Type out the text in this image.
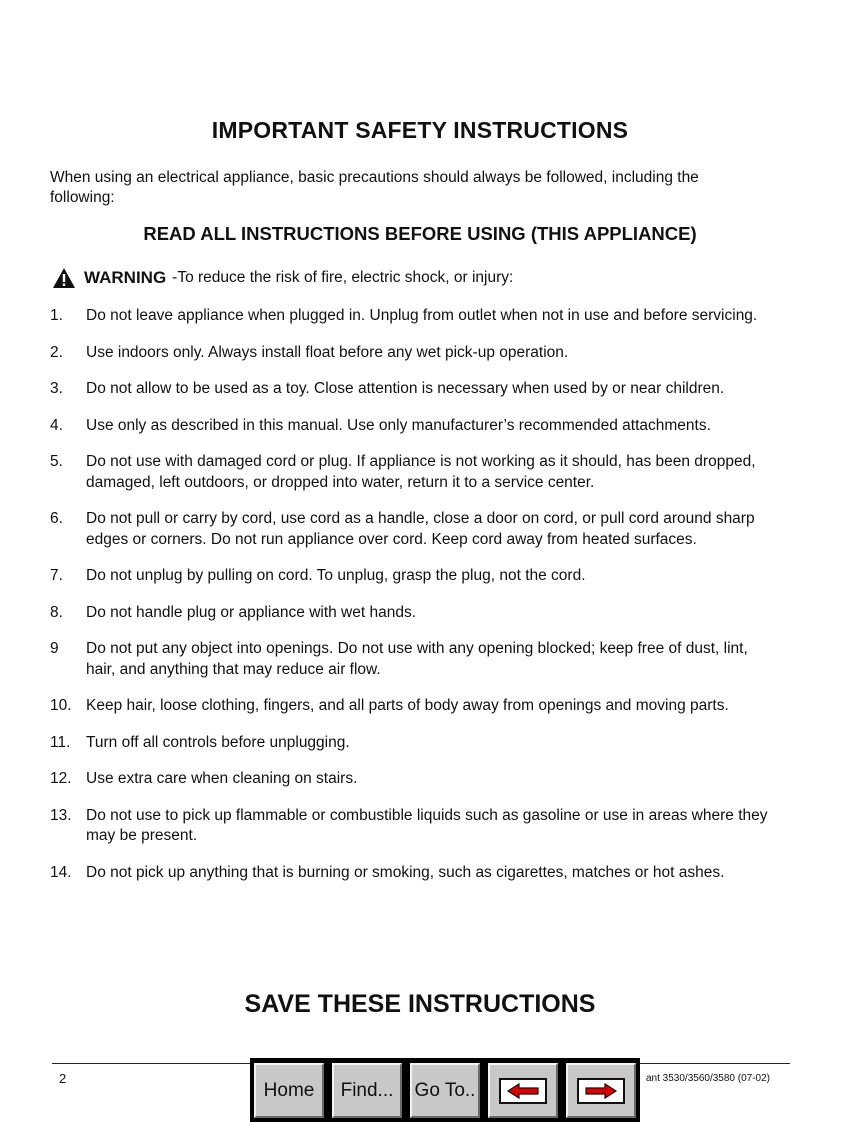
IMPORTANT SAFETY INSTRUCTIONS
When using an electrical appliance, basic precautions should always be followed, including the following:
READ ALL INSTRUCTIONS BEFORE USING (THIS APPLIANCE)
WARNING -To reduce the risk of fire, electric shock, or injury:
1.	Do not leave appliance when plugged in. Unplug from outlet when not in use and before servicing.
2.	Use indoors only. Always install float before any wet pick-up operation.
3.	Do not allow to be used as a toy. Close attention is necessary when used by or near children.
4.	Use only as described in this manual. Use only manufacturer’s recommended attachments.
5.	Do not use with damaged cord or plug. If appliance is not working as it should, has been dropped, damaged, left outdoors, or dropped into water, return it to a service center.
6.	Do not pull or carry by cord, use cord as a handle, close a door on cord, or pull cord around sharp edges or corners. Do not run appliance over cord. Keep cord away from heated surfaces.
7.	Do not unplug by pulling on cord. To unplug, grasp the plug, not the cord.
8.	Do not handle plug or appliance with wet hands.
9	Do not put any object into openings. Do not use with any opening blocked; keep free of dust, lint, hair, and anything that may reduce air flow.
10. Keep hair, loose clothing, fingers, and all parts of body away from openings and moving parts.
11.	Turn off all controls before unplugging.
12. Use extra care when cleaning on stairs.
13. Do not use to pick up flammable or combustible liquids such as gasoline or use in areas where they may be present.
14. Do not pick up anything that is burning or smoking, such as cigarettes, matches or hot ashes.
SAVE THESE INSTRUCTIONS
2	ant 3530/3560/3580 (07-02)
Home	Find...	Go To..
